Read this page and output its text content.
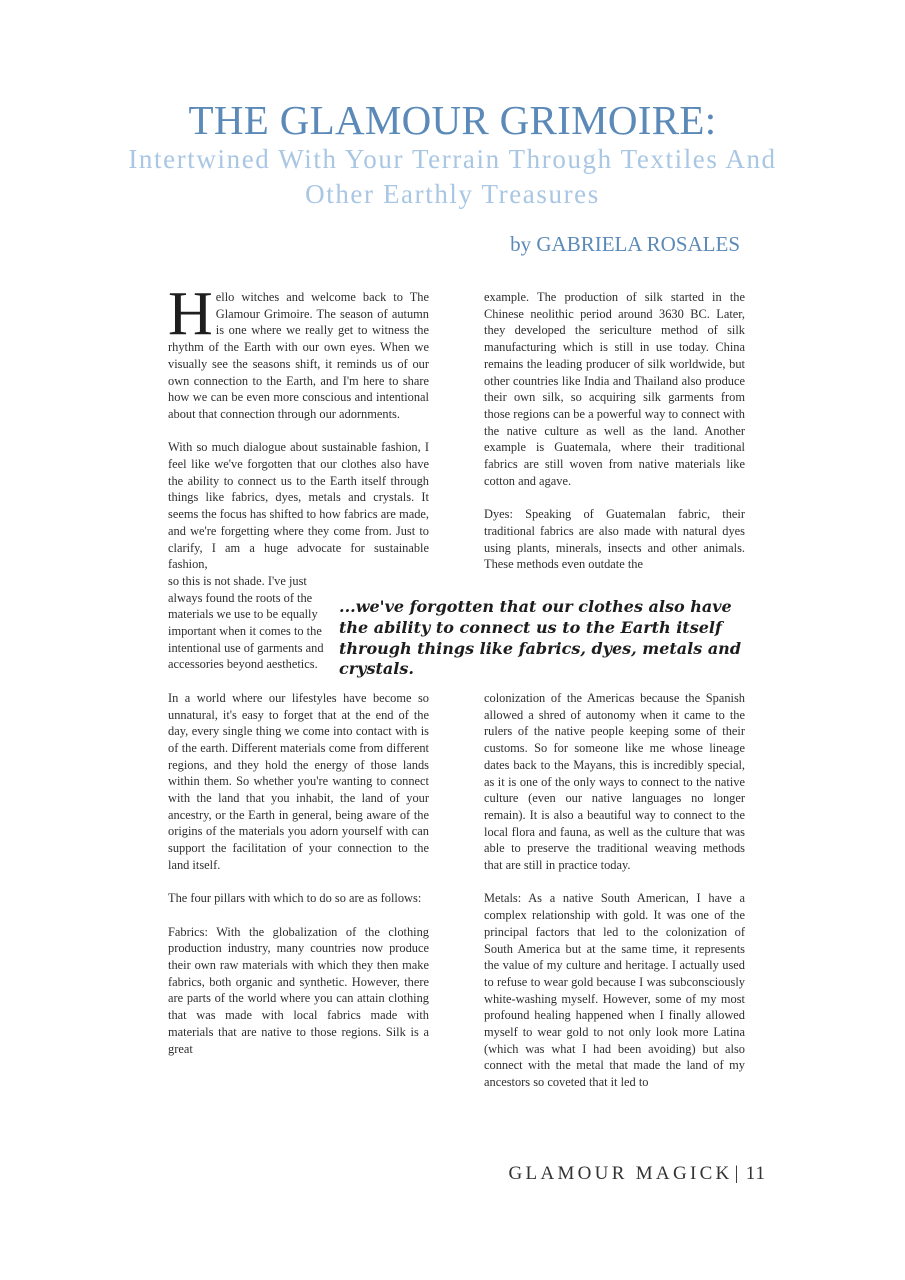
THE GLAMOUR GRIMOIRE:
Intertwined With Your Terrain Through Textiles And Other Earthly Treasures
by GABRIELA ROSALES

Hello witches and welcome back to The Glamour Grimoire. The season of autumn is one where we really get to witness the rhythm of the Earth with our own eyes. When we visually see the seasons shift, it reminds us of our own connection to the Earth, and I'm here to share how we can be even more conscious and intentional about that connection through our adornments.

With so much dialogue about sustainable fashion, I feel like we've forgotten that our clothes also have the ability to connect us to the Earth itself through things like fabrics, dyes, metals and crystals. It seems the focus has shifted to how fabrics are made, and we're forgetting where they come from. Just to clarify, I am a huge advocate for sustainable fashion,

so this is not shade. I've just always found the roots of the materials we use to be equally important when it comes to the intentional use of garments and accessories beyond aesthetics.

In a world where our lifestyles have become so unnatural, it's easy to forget that at the end of the day, every single thing we come into contact with is of the earth. Different materials come from different regions, and they hold the energy of those lands within them. So whether you're wanting to connect with the land that you inhabit, the land of your ancestry, or the Earth in general, being aware of the origins of the materials you adorn yourself with can support the facilitation of your connection to the land itself.

The four pillars with which to do so are as follows:

Fabrics: With the globalization of the clothing production industry, many countries now produce their own raw materials with which they then make fabrics, both organic and synthetic. However, there are parts of the world where you can attain clothing that was made with local fabrics made with materials that are native to those regions. Silk is a great

example. The production of silk started in the Chinese neolithic period around 3630 BC. Later, they developed the sericulture method of silk manufacturing which is still in use today. China remains the leading producer of silk worldwide, but other countries like India and Thailand also produce their own silk, so acquiring silk garments from those regions can be a powerful way to connect with the native culture as well as the land. Another example is Guatemala, where their traditional fabrics are still woven from native materials like cotton and agave.

Dyes: Speaking of Guatemalan fabric, their traditional fabrics are also made with natural dyes using plants, minerals, insects and other animals. These methods even outdate the

...we've forgotten that our clothes also have the ability to connect us to the Earth itself through things like fabrics, dyes, metals and crystals.

colonization of the Americas because the Spanish allowed a shred of autonomy when it came to the rulers of the native people keeping some of their customs. So for someone like me whose lineage dates back to the Mayans, this is incredibly special, as it is one of the only ways to connect to the native culture (even our native languages no longer remain). It is also a beautiful way to connect to the local flora and fauna, as well as the culture that was able to preserve the traditional weaving methods that are still in practice today.

Metals: As a native South American, I have a complex relationship with gold. It was one of the principal factors that led to the colonization of South America but at the same time, it represents the value of my culture and heritage. I actually used to refuse to wear gold because I was subconsciously white-washing myself. However, some of my most profound healing happened when I finally allowed myself to wear gold to not only look more Latina (which was what I had been avoiding) but also connect with the metal that made the land of my ancestors so coveted that it led to

GLAMOUR MAGICK | 11
